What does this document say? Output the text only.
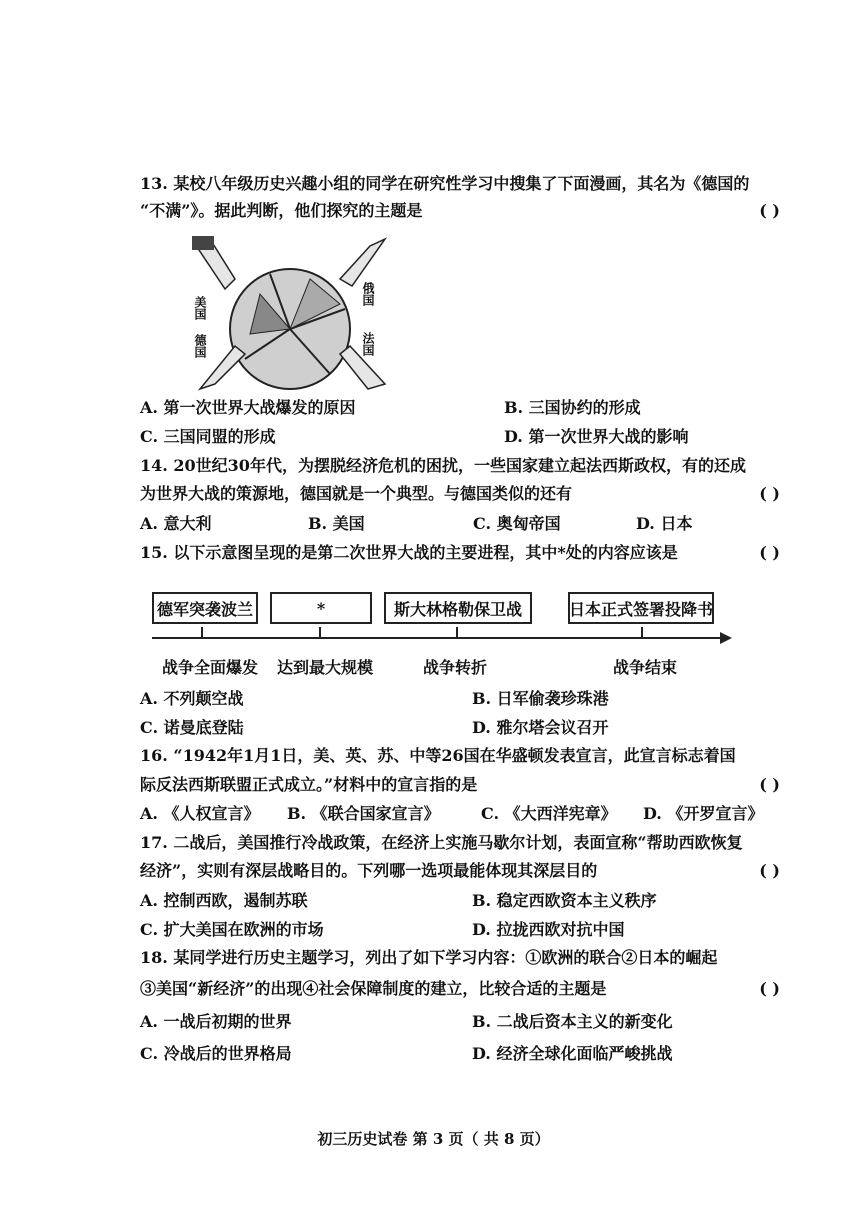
13. 某校八年级历史兴趣小组的同学在研究性学习中搜集了下面漫画，其名为《德国的
“不满”》。据此判断，他们探究的主题是	( )
美国
俄国
德国	法国
A. 第一次世界大战爆发的原因	B. 三国协约的形成
C. 三国同盟的形成	D. 第一次世界大战的影响
14. 20世纪30年代，为摆脱经济危机的困扰，一些国家建立起法西斯政权，有的还成
为世界大战的策源地，德国就是一个典型。与德国类似的还有	( )
A. 意大利	B. 美国	C. 奥匈帝国	D. 日本
15. 以下示意图呈现的是第二次世界大战的主要进程，其中*处的内容应该是	( )
德军突袭波兰	*	斯大林格勒保卫战	日本正式签署投降书
战争全面爆发 达到最大规模	战争转折	战争结束
A. 不列颠空战	B. 日军偷袭珍珠港
C. 诺曼底登陆	D. 雅尔塔会议召开
16. “1942年1月1日，美、英、苏、中等26国在华盛顿发表宣言，此宣言标志着国
际反法西斯联盟正式成立。”材料中的宣言指的是	( )
A. 《人权宣言》 B. 《联合国家宣言》	C. 《大西洋宪章》 D. 《开罗宣言》
17. 二战后，美国推行冷战政策，在经济上实施马歇尔计划，表面宣称“帮助西欧恢复
经济”，实则有深层战略目的。下列哪一选项最能体现其深层目的	( )
A. 控制西欧，遏制苏联	B. 稳定西欧资本主义秩序
C. 扩大美国在欧洲的市场	D. 拉拢西欧对抗中国
18. 某同学进行历史主题学习，列出了如下学习内容：①欧洲的联合②日本的崛起
③美国“新经济”的出现④社会保障制度的建立，比较合适的主题是	( )
A. 一战后初期的世界	B. 二战后资本主义的新变化
C. 冷战后的世界格局	D. 经济全球化面临严峻挑战
初三历史试卷 第 3 页（ 共 8 页）
